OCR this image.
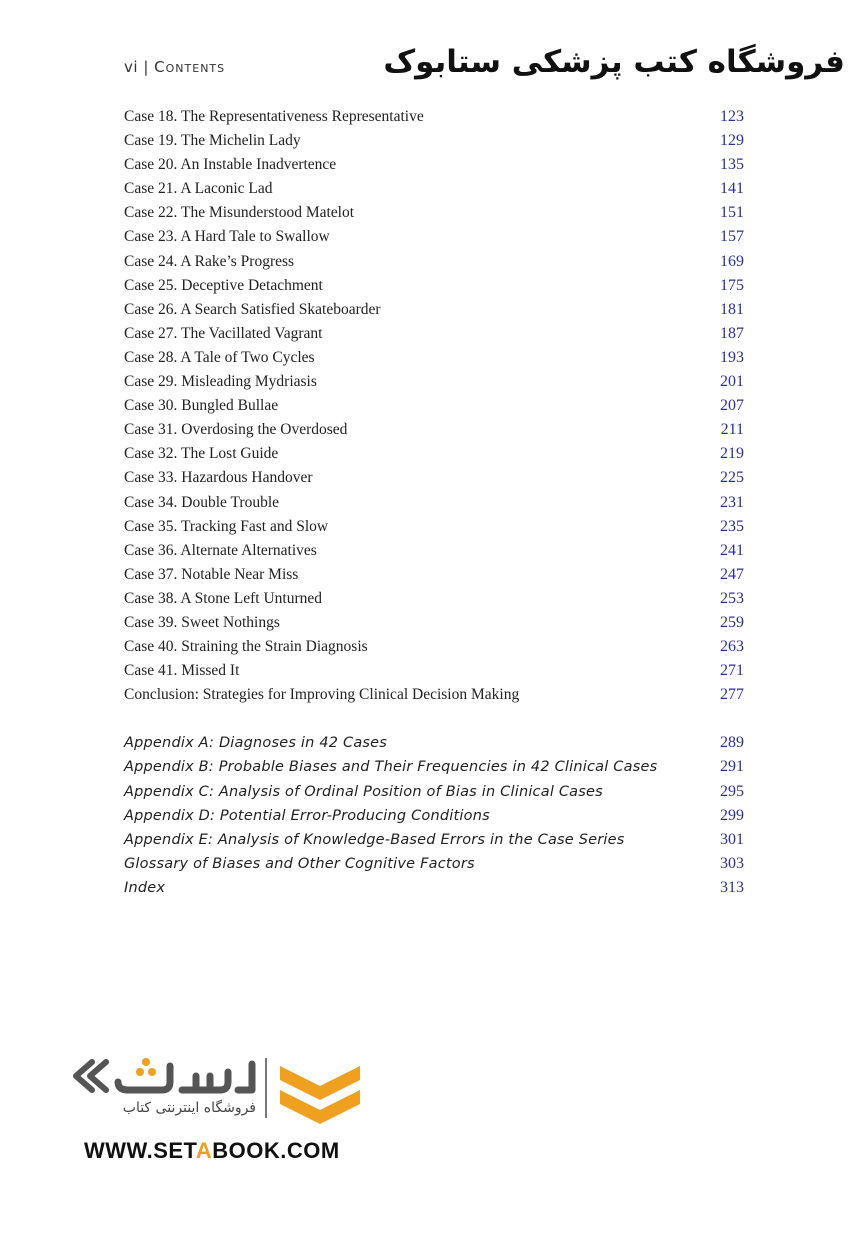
vi | Contents	فروشگاه کتب پزشکی ستابوک
Case 18. The Representativeness Representative	123
Case 19. The Michelin Lady	129
Case 20. An Instable Inadvertence	135
Case 21. A Laconic Lad	141
Case 22. The Misunderstood Matelot	151
Case 23. A Hard Tale to Swallow	157
Case 24. A Rake’s Progress	169
Case 25. Deceptive Detachment	175
Case 26. A Search Satisfied Skateboarder	181
Case 27. The Vacillated Vagrant	187
Case 28. A Tale of Two Cycles	193
Case 29. Misleading Mydriasis	201
Case 30. Bungled Bullae	207
Case 31. Overdosing the Overdosed	211
Case 32. The Lost Guide	219
Case 33. Hazardous Handover	225
Case 34. Double Trouble	231
Case 35. Tracking Fast and Slow	235
Case 36. Alternate Alternatives	241
Case 37. Notable Near Miss	247
Case 38. A Stone Left Unturned	253
Case 39. Sweet Nothings	259
Case 40. Straining the Strain Diagnosis	263
Case 41. Missed It	271
Conclusion: Strategies for Improving Clinical Decision Making	277
Appendix A: Diagnoses in 42 Cases	289
Appendix B: Probable Biases and Their Frequencies in 42 Clinical Cases	291
Appendix C: Analysis of Ordinal Position of Bias in Clinical Cases	295
Appendix D: Potential Error-Producing Conditions	299
Appendix E: Analysis of Knowledge-Based Errors in the Case Series	301
Glossary of Biases and Other Cognitive Factors	303
Index	313
فروشگاه اینترنتی کتاب
WWW.SETABOOK.COM
